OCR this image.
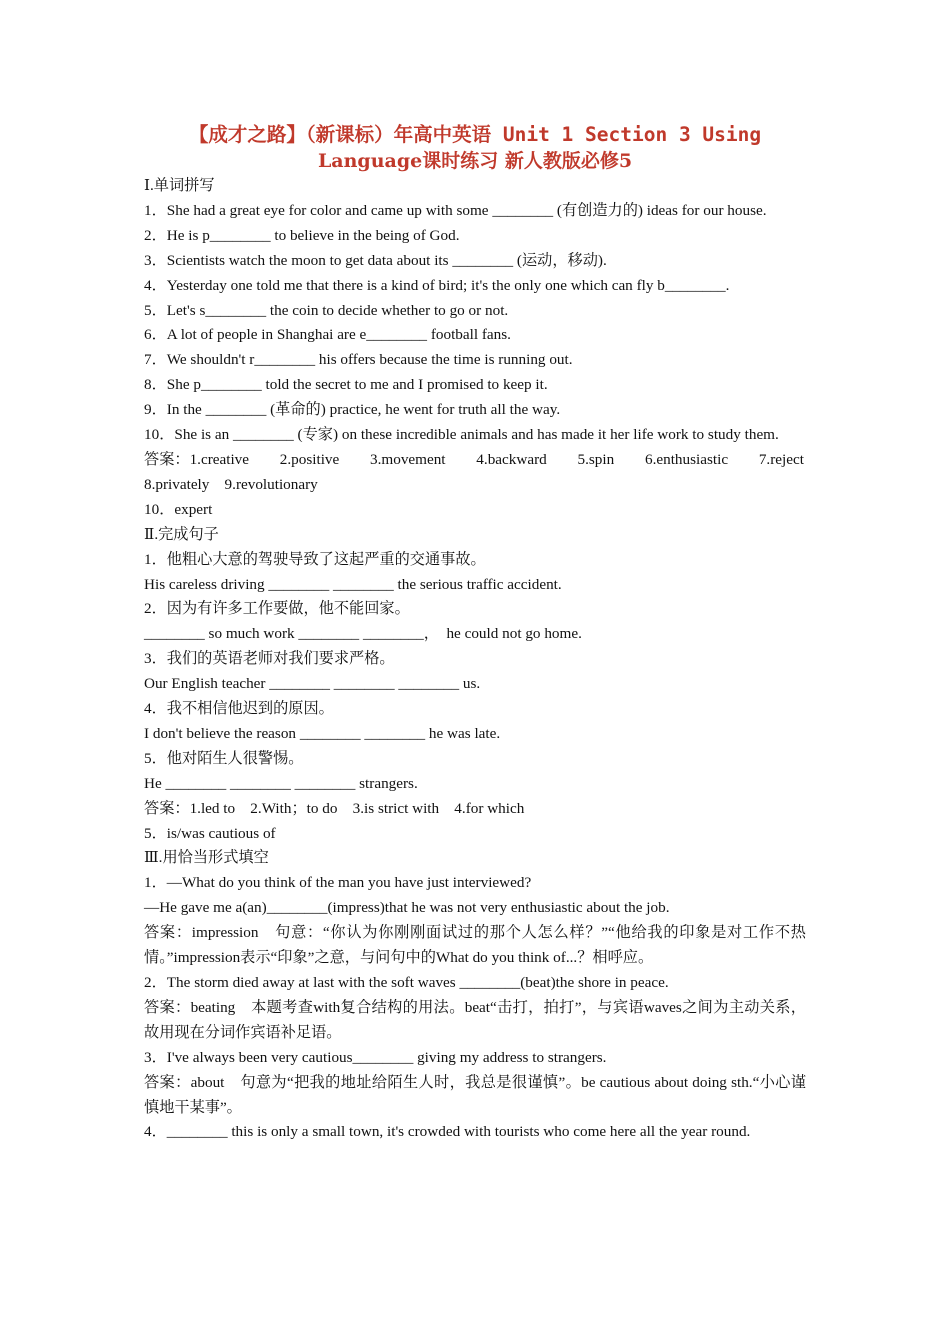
【成才之路】（新课标）年高中英语 Unit 1 Section 3 Using
Language课时练习 新人教版必修5

Ⅰ.单词拼写

1．She had a great eye for color and came up with some ________ (有创造力的) ideas for our house.

2．He is p________ to believe in the being of God.

3．Scientists watch the moon to get data about its ________ (运动，移动).

4．Yesterday one told me that there is a kind of bird; it's the only one which can fly b________.

5．Let's s________ the coin to decide whether to go or not.

6．A lot of people in Shanghai are e________ football fans.

7．We shouldn't r________ his offers because the time is running out.

8．She p________ told the secret to me and I promised to keep it.

9．In the ________ (革命的) practice, he went for truth all the way.

10．She is an ________ (专家) on these incredible animals and has made it her life work to study them.

答案：1.creative 2.positive 3.movement 4.backward 5.spin 6.enthusiastic 7.reject

8.privately　9.revolutionary

10．expert

Ⅱ.完成句子

1．他粗心大意的驾驶导致了这起严重的交通事故。

His careless driving ________ ________ the serious traffic accident.

2．因为有许多工作要做，他不能回家。

________ so much work ________ ________，　he could not go home.

3．我们的英语老师对我们要求严格。

Our English teacher ________ ________ ________ us.

4．我不相信他迟到的原因。

I don't believe the reason ________ ________ he was late.

5．他对陌生人很警惕。

He ________ ________ ________ strangers.

答案：1.led to　2.With；to do　3.is strict with　4.for which

5．is/was cautious of

Ⅲ.用恰当形式填空

1．—What do you think of the man you have just interviewed?

—He gave me a(an)________(impress)that he was not very enthusiastic about the job.

答案：impression　句意：“你认为你刚刚面试过的那个人怎么样？”“他给我的印象是对工作不热情。”impression表示“印象”之意，与问句中的What do you think of...？相呼应。

2．The storm died away at last with the soft waves ________(beat)the shore in peace.

答案：beating　本题考查with复合结构的用法。beat“击打，拍打”，与宾语waves之间为主动关系，故用现在分词作宾语补足语。

3．I've always been very cautious________ giving my address to strangers.

答案：about　句意为“把我的地址给陌生人时，我总是很谨慎”。be cautious about doing sth.“小心谨慎地干某事”。

4．________ this is only a small town, it's crowded with tourists who come here all the year round.
